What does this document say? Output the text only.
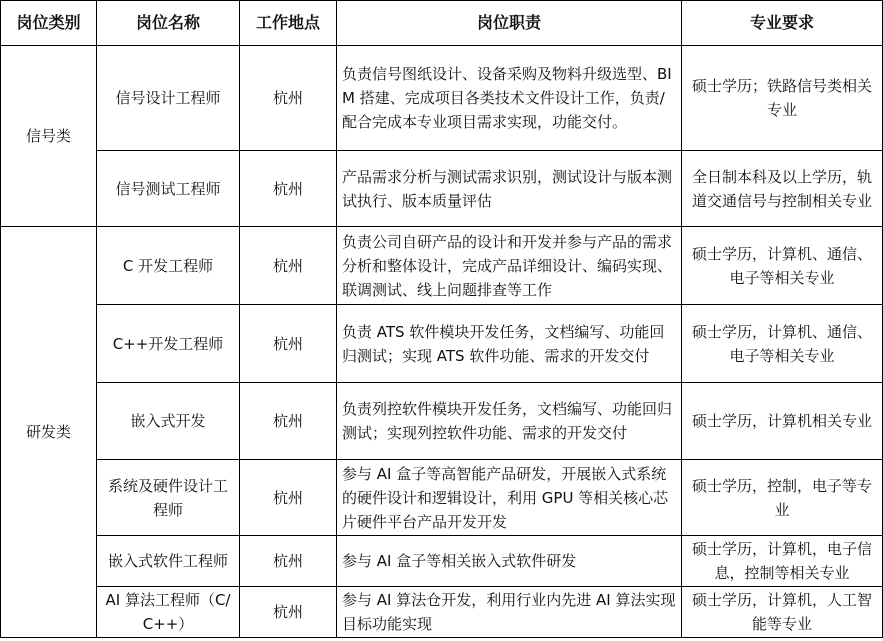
岗位类别	岗位名称	工作地点	岗位职责	专业要求
信号类	信号设计工程师	杭州	负责信号图纸设计、设备采购及物料升级选型、BIM 搭建、完成项目各类技术文件设计工作，负责/配合完成本专业项目需求实现，功能交付。	硕士学历；铁路信号类相关专业
	信号测试工程师	杭州	产品需求分析与测试需求识别，测试设计与版本测试执行、版本质量评估	全日制本科及以上学历，轨道交通信号与控制相关专业
研发类	C 开发工程师	杭州	负责公司自研产品的设计和开发并参与产品的需求分析和整体设计，完成产品详细设计、编码实现、联调测试、线上问题排查等工作	硕士学历，计算机、通信、电子等相关专业
	C++开发工程师	杭州	负责 ATS 软件模块开发任务，文档编写、功能回归测试；实现 ATS 软件功能、需求的开发交付	硕士学历，计算机、通信、电子等相关专业
	嵌入式开发	杭州	负责列控软件模块开发任务，文档编写、功能回归测试；实现列控软件功能、需求的开发交付	硕士学历，计算机相关专业
	系统及硬件设计工程师	杭州	参与 AI 盒子等高智能产品研发，开展嵌入式系统的硬件设计和逻辑设计，利用 GPU 等相关核心芯片硬件平台产品开发开发	硕士学历，控制，电子等专业
	嵌入式软件工程师	杭州	参与 AI 盒子等相关嵌入式软件研发	硕士学历，计算机，电子信息，控制等相关专业
	AI 算法工程师（C/C++）	杭州	参与 AI 算法仓开发，利用行业内先进 AI 算法实现目标功能实现	硕士学历，计算机，人工智能等专业
